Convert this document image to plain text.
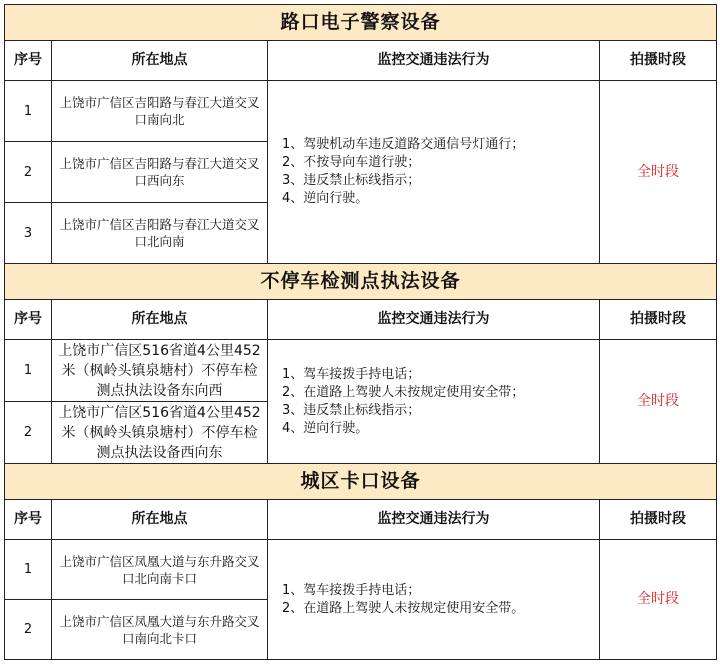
路口电子警察设备			
序号	所在地点	监控交通违法行为	拍摄时段
1	上饶市广信区吉阳路与春江大道交叉口南向北	1、驾驶机动车违反道路交通信号灯通行；
2、不按导向车道行驶；
3、违反禁止标线指示；
4、逆向行驶。	全时段
2	上饶市广信区吉阳路与春江大道交叉口西向东		
3	上饶市广信区吉阳路与春江大道交叉口北向南		
不停车检测点执法设备			
序号	所在地点	监控交通违法行为	拍摄时段
1	上饶市广信区516省道4公里452米（枫岭头镇泉塘村）不停车检测点执法设备东向西	1、驾车接拨手持电话；
2、在道路上驾驶人未按规定使用安全带；
3、违反禁止标线指示；
4、逆向行驶。	全时段
2	上饶市广信区516省道4公里452米（枫岭头镇泉塘村）不停车检测点执法设备西向东		
城区卡口设备			
序号	所在地点	监控交通违法行为	拍摄时段
1	上饶市广信区凤凰大道与东升路交叉口北向南卡口	1、驾车接拨手持电话；
2、在道路上驾驶人未按规定使用安全带。	全时段
2	上饶市广信区凤凰大道与东升路交叉口南向北卡口		
